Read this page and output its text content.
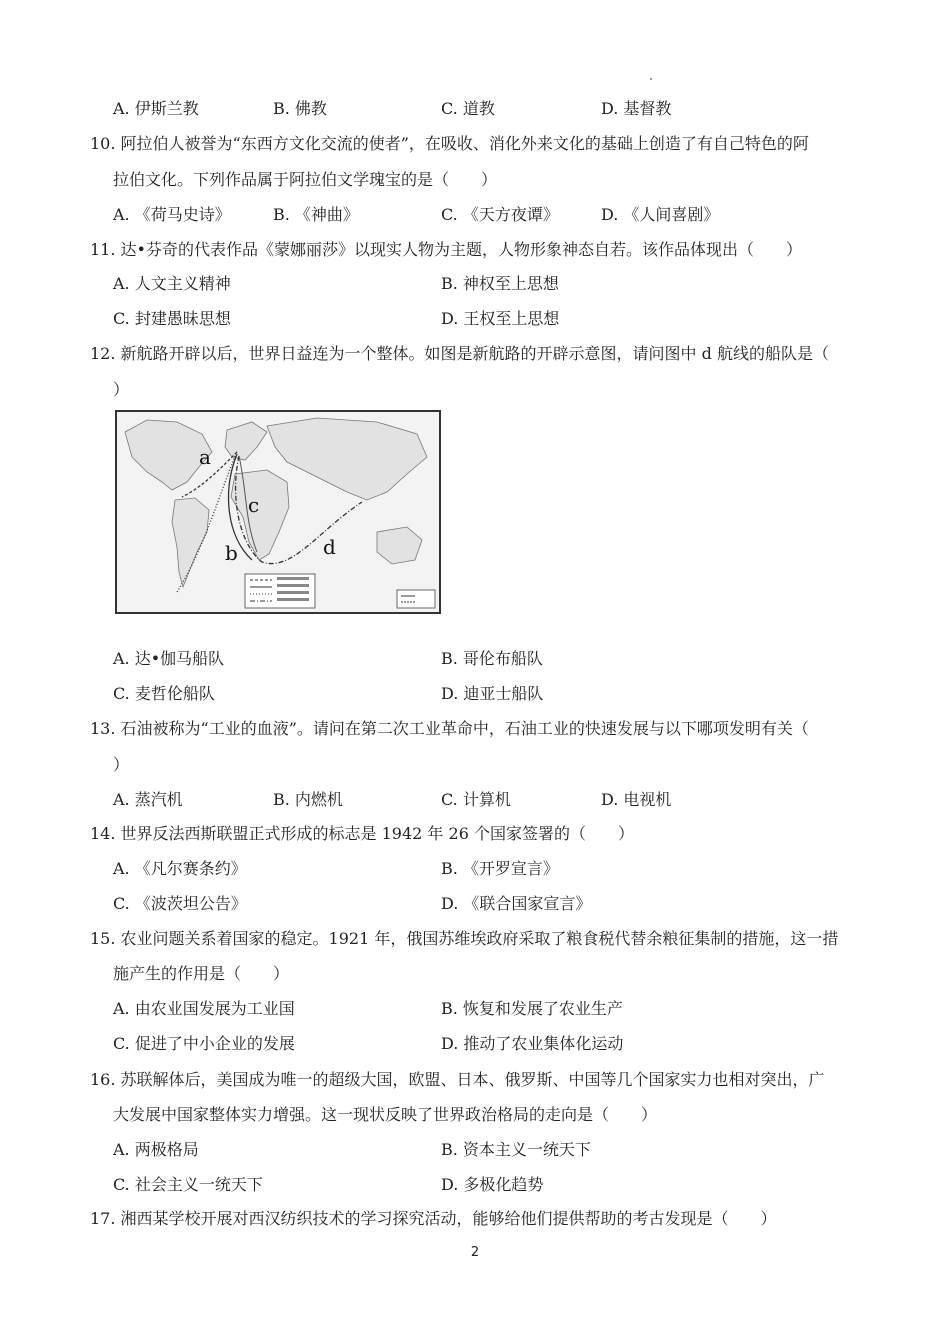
A. 伊斯兰教	B. 佛教	C. 道教	D. 基督教
10. 阿拉伯人被誉为“东西方文化交流的使者”，在吸收、消化外来文化的基础上创造了有自己特色的阿
拉伯文化。下列作品属于阿拉伯文学瑰宝的是（　　）
A. 《荷马史诗》	B. 《神曲》	C. 《天方夜谭》	D. 《人间喜剧》
11. 达•芬奇的代表作品《蒙娜丽莎》以现实人物为主题，人物形象神态自若。该作品体现出（　　）
A. 人文主义精神	B. 神权至上思想
C. 封建愚昧思想	D. 王权至上思想
12. 新航路开辟以后，世界日益连为一个整体。如图是新航路的开辟示意图，请问图中 d 航线的船队是（
）
a
c
b	d
A. 达•伽马船队	B. 哥伦布船队
C. 麦哲伦船队	D. 迪亚士船队
13. 石油被称为“工业的血液”。请问在第二次工业革命中，石油工业的快速发展与以下哪项发明有关（
）
A. 蒸汽机	B. 内燃机	C. 计算机	D. 电视机
14. 世界反法西斯联盟正式形成的标志是 1942 年 26 个国家签署的（　　）
A. 《凡尔赛条约》	B. 《开罗宣言》
C. 《波茨坦公告》	D. 《联合国家宣言》
15. 农业问题关系着国家的稳定。1921 年，俄国苏维埃政府采取了粮食税代替余粮征集制的措施，这一措
施产生的作用是（　　）
A. 由农业国发展为工业国	B. 恢复和发展了农业生产
C. 促进了中小企业的发展	D. 推动了农业集体化运动
16. 苏联解体后，美国成为唯一的超级大国，欧盟、日本、俄罗斯、中国等几个国家实力也相对突出，广
大发展中国家整体实力增强。这一现状反映了世界政治格局的走向是（　　）
A. 两极格局	B. 资本主义一统天下
C. 社会主义一统天下	D. 多极化趋势
17. 湘西某学校开展对西汉纺织技术的学习探究活动，能够给他们提供帮助的考古发现是（　　）
2
